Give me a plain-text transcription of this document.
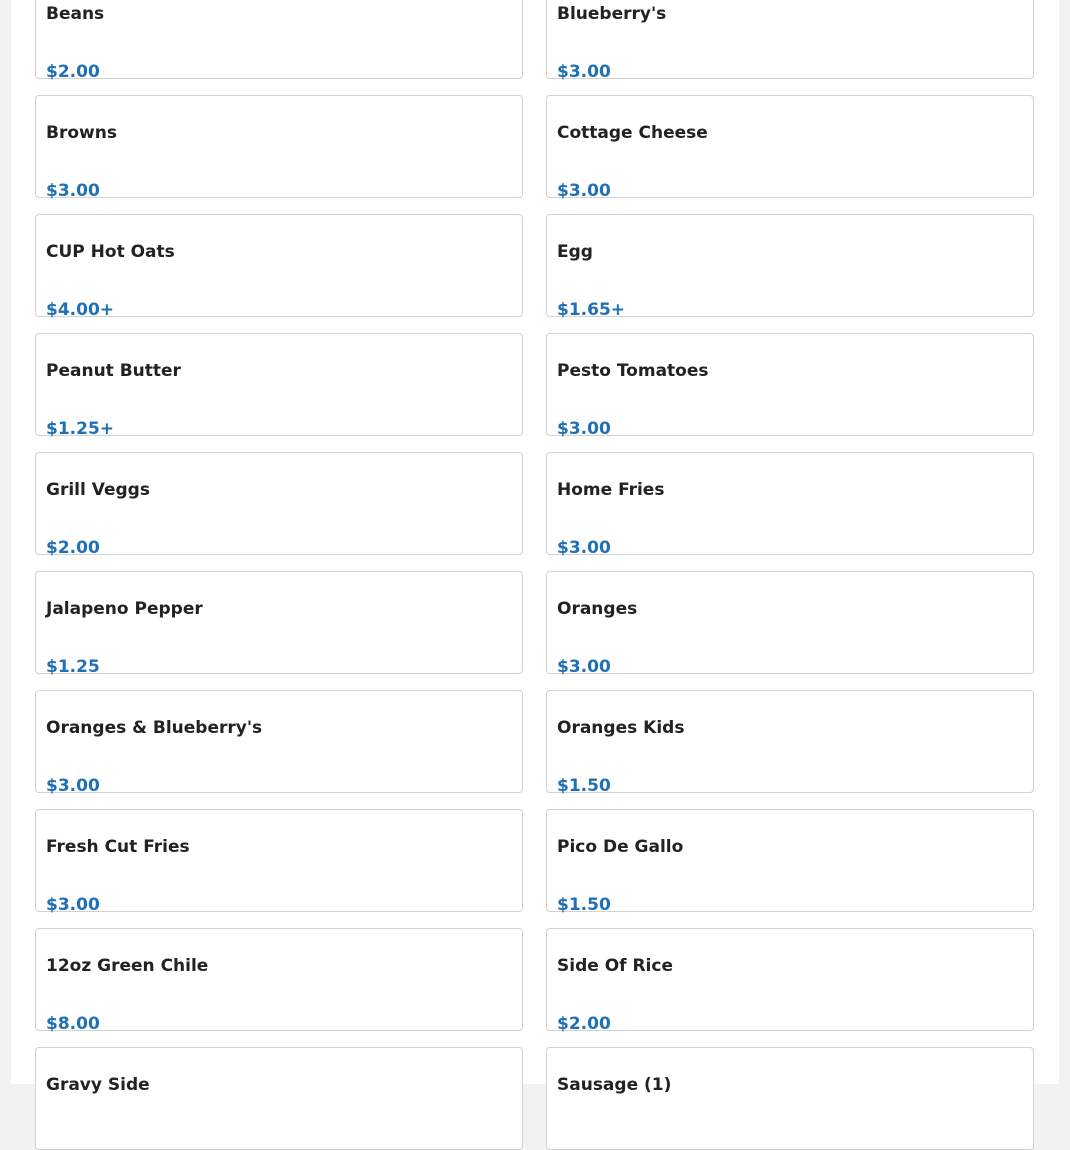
Beans
$2.00
Blueberry's
$3.00
Browns
$3.00
Cottage Cheese
$3.00
CUP Hot Oats
$4.00+
Egg
$1.65+
Peanut Butter
$1.25+
Pesto Tomatoes
$3.00
Grill Veggs
$2.00
Home Fries
$3.00
Jalapeno Pepper
$1.25
Oranges
$3.00
Oranges & Blueberry's
$3.00
Oranges Kids
$1.50
Fresh Cut Fries
$3.00
Pico De Gallo
$1.50
12oz Green Chile
$8.00
Side Of Rice
$2.00
Gravy Side	Sausage (1)
